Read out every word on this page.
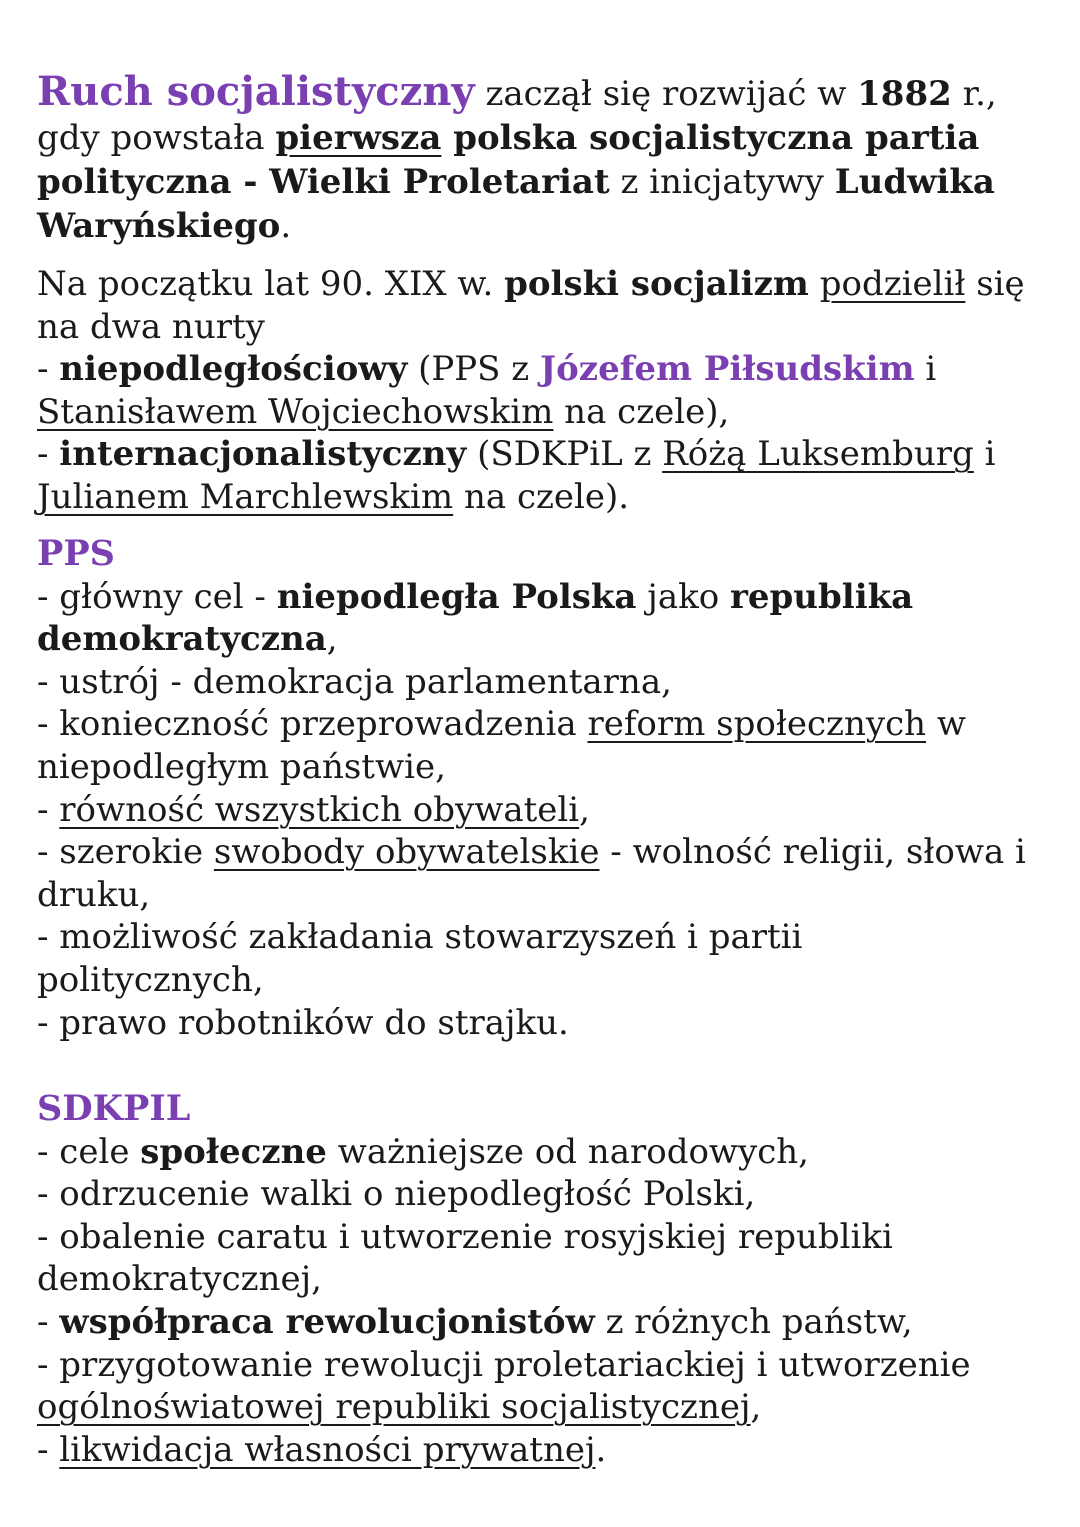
Ruch socjalistyczny zaczął się rozwijać w 1882 r.,
gdy powstała pierwsza polska socjalistyczna partia
polityczna - Wielki Proletariat z inicjatywy Ludwika
Waryńskiego.
Na początku lat 90. XIX w. polski socjalizm podzielił się
na dwa nurty
- niepodległościowy (PPS z Józefem Piłsudskim i
Stanisławem Wojciechowskim na czele),
- internacjonalistyczny (SDKPiL z Różą Luksemburg i
Julianem Marchlewskim na czele).
PPS
- główny cel - niepodległa Polska jako republika
demokratyczna,
- ustrój - demokracja parlamentarna,
- konieczność przeprowadzenia reform społecznych w
niepodległym państwie,
- równość wszystkich obywateli,
- szerokie swobody obywatelskie - wolność religii, słowa i
druku,
- możliwość zakładania stowarzyszeń i partii
politycznych,
- prawo robotników do strajku.
SDKPIL
- cele społeczne ważniejsze od narodowych,
- odrzucenie walki o niepodległość Polski,
- obalenie caratu i utworzenie rosyjskiej republiki
demokratycznej,
- współpraca rewolucjonistów z różnych państw,
- przygotowanie rewolucji proletariackiej i utworzenie
ogólnoświatowej republiki socjalistycznej,
- likwidacja własności prywatnej.
